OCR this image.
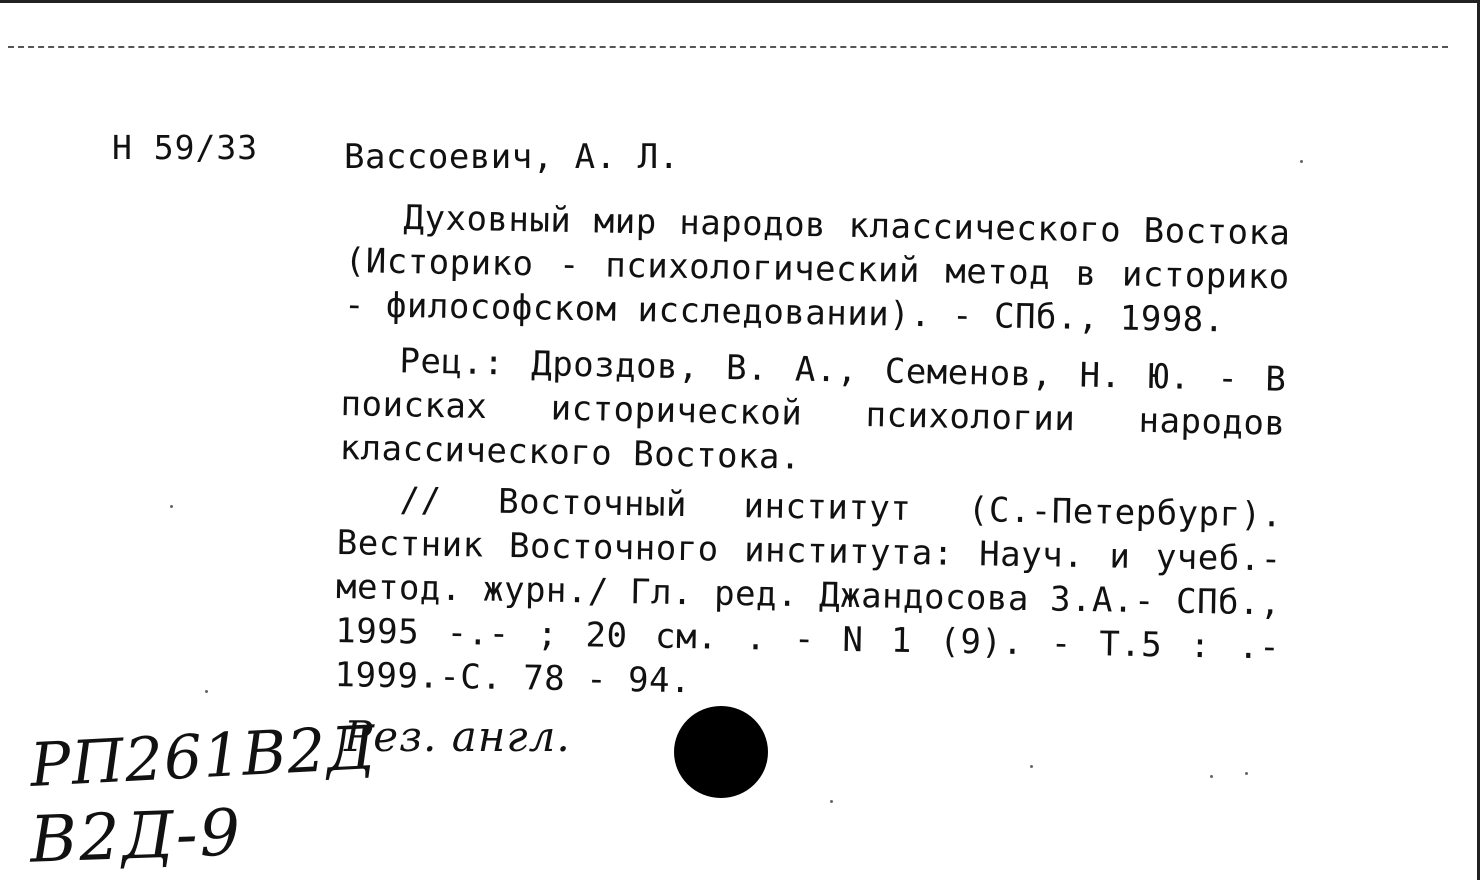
Н 59/33	Вассоевич, А. Л.
Духовный мир народов классического Востока (Историко - психологический метод в историко - философском исследовании). - СПб., 1998.
Рец.: Дроздов, В. А., Семенов, Н. Ю. - В поисках исторической психологии народов классического Востока.
// Восточный институт (С.-Петербург). Вестник Восточного института: Науч. и учеб.-метод. журн./ Гл. ред. Джандосова З.А.- СПб., 1995 -.- ; 20 см. . - N 1 (9). - Т.5 : .- 1999.-С. 78 - 94.
Рез. англ.
РП261В2Д
В2Д-9
